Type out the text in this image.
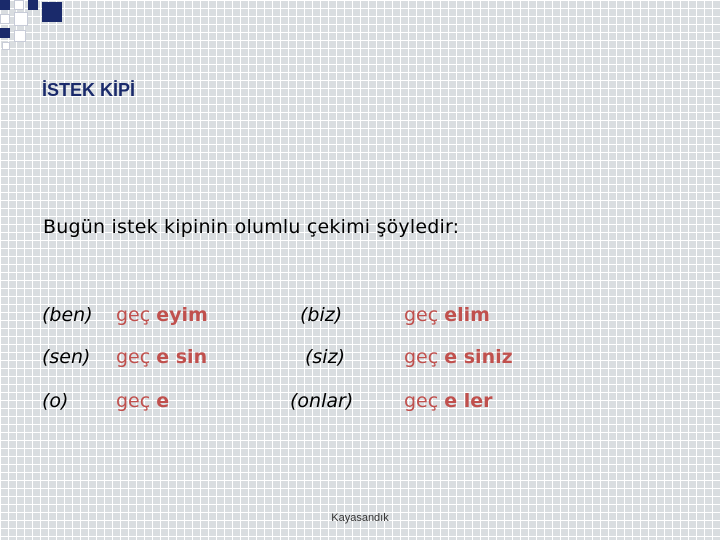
İSTEK KİPİ
Bugün istek kipinin olumlu çekimi şöyledir:
(ben) geç eyim	(biz)	geç elim
(sen) geç e sin	(siz)	geç e siniz
(o)	geç e	(onlar)	geç e ler
Kayasandık
